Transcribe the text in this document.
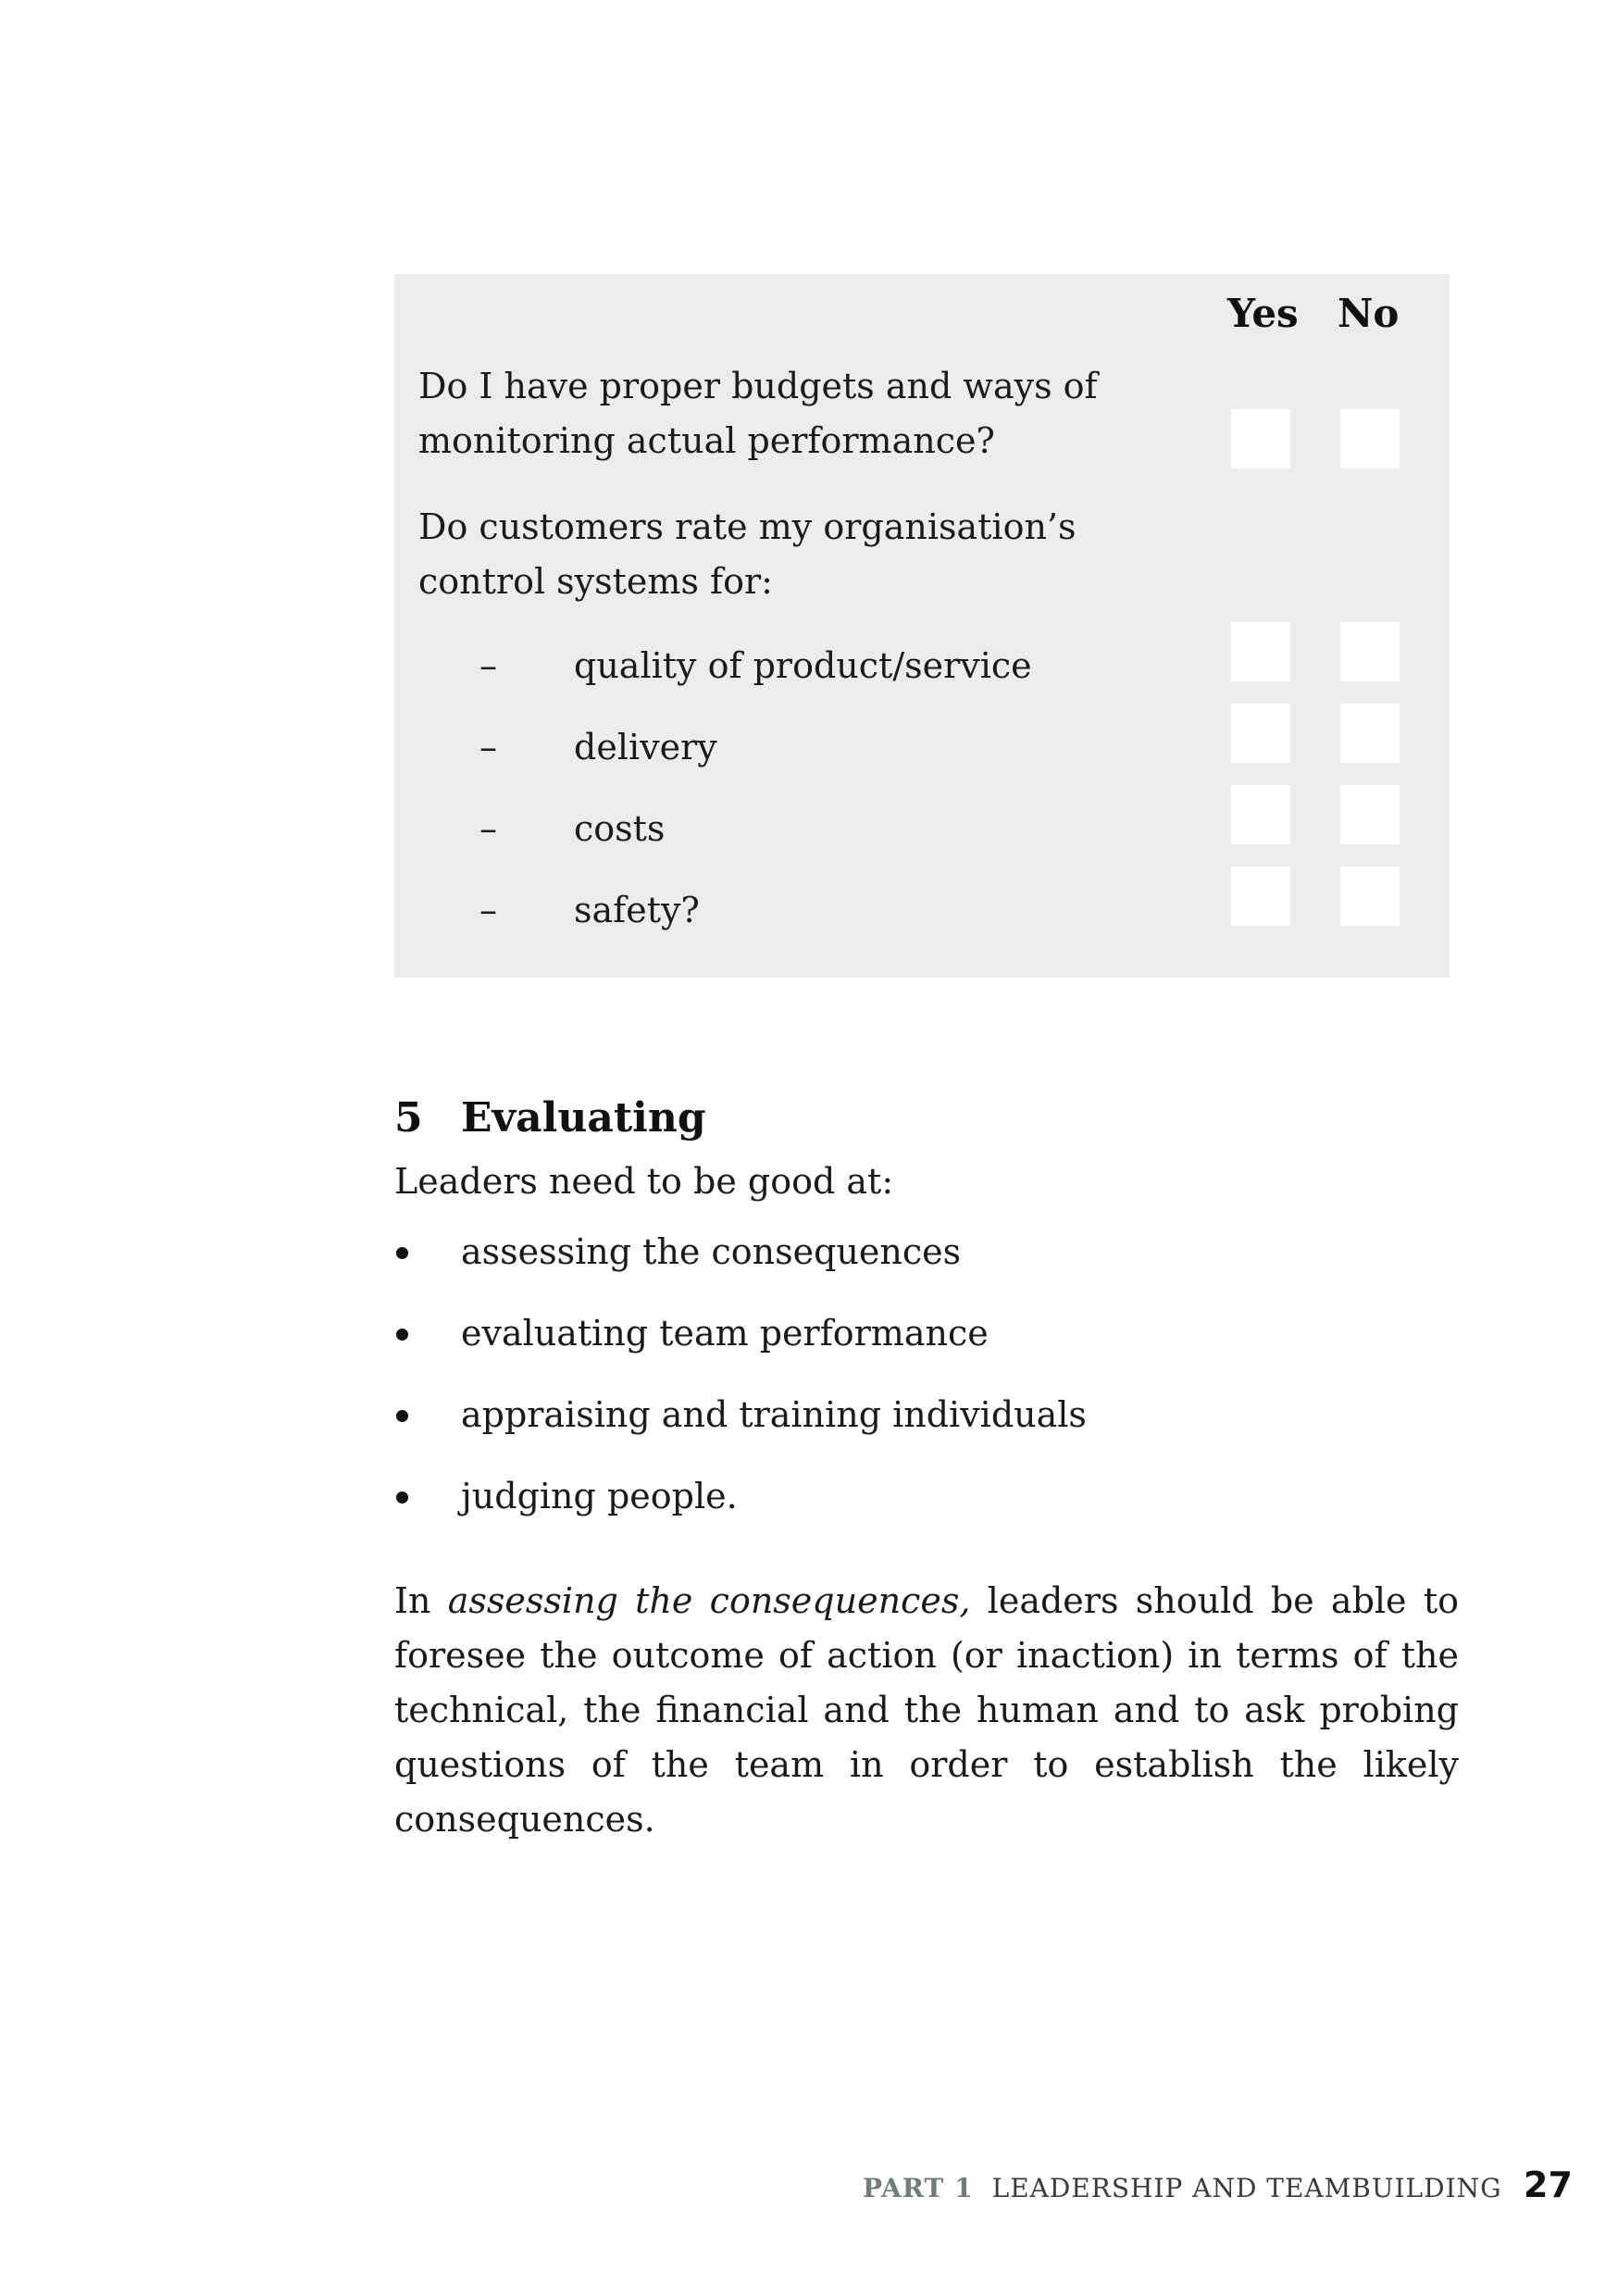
Yes No
Do I have proper budgets and ways of
monitoring actual performance?
Do customers rate my organisation’s
control systems for:
– quality of product/service
– delivery
– costs
– safety?
5 Evaluating
Leaders need to be good at:
assessing the consequences
evaluating team performance
appraising and training individuals
judging people.

In assessing the consequences, leaders should be able to foresee the outcome of action (or inaction) in terms of the technical, the financial and the human and to ask probing questions of the team in order to establish the likely consequences.

PART 1 LEADERSHIP AND TEAMBUILDING 27
